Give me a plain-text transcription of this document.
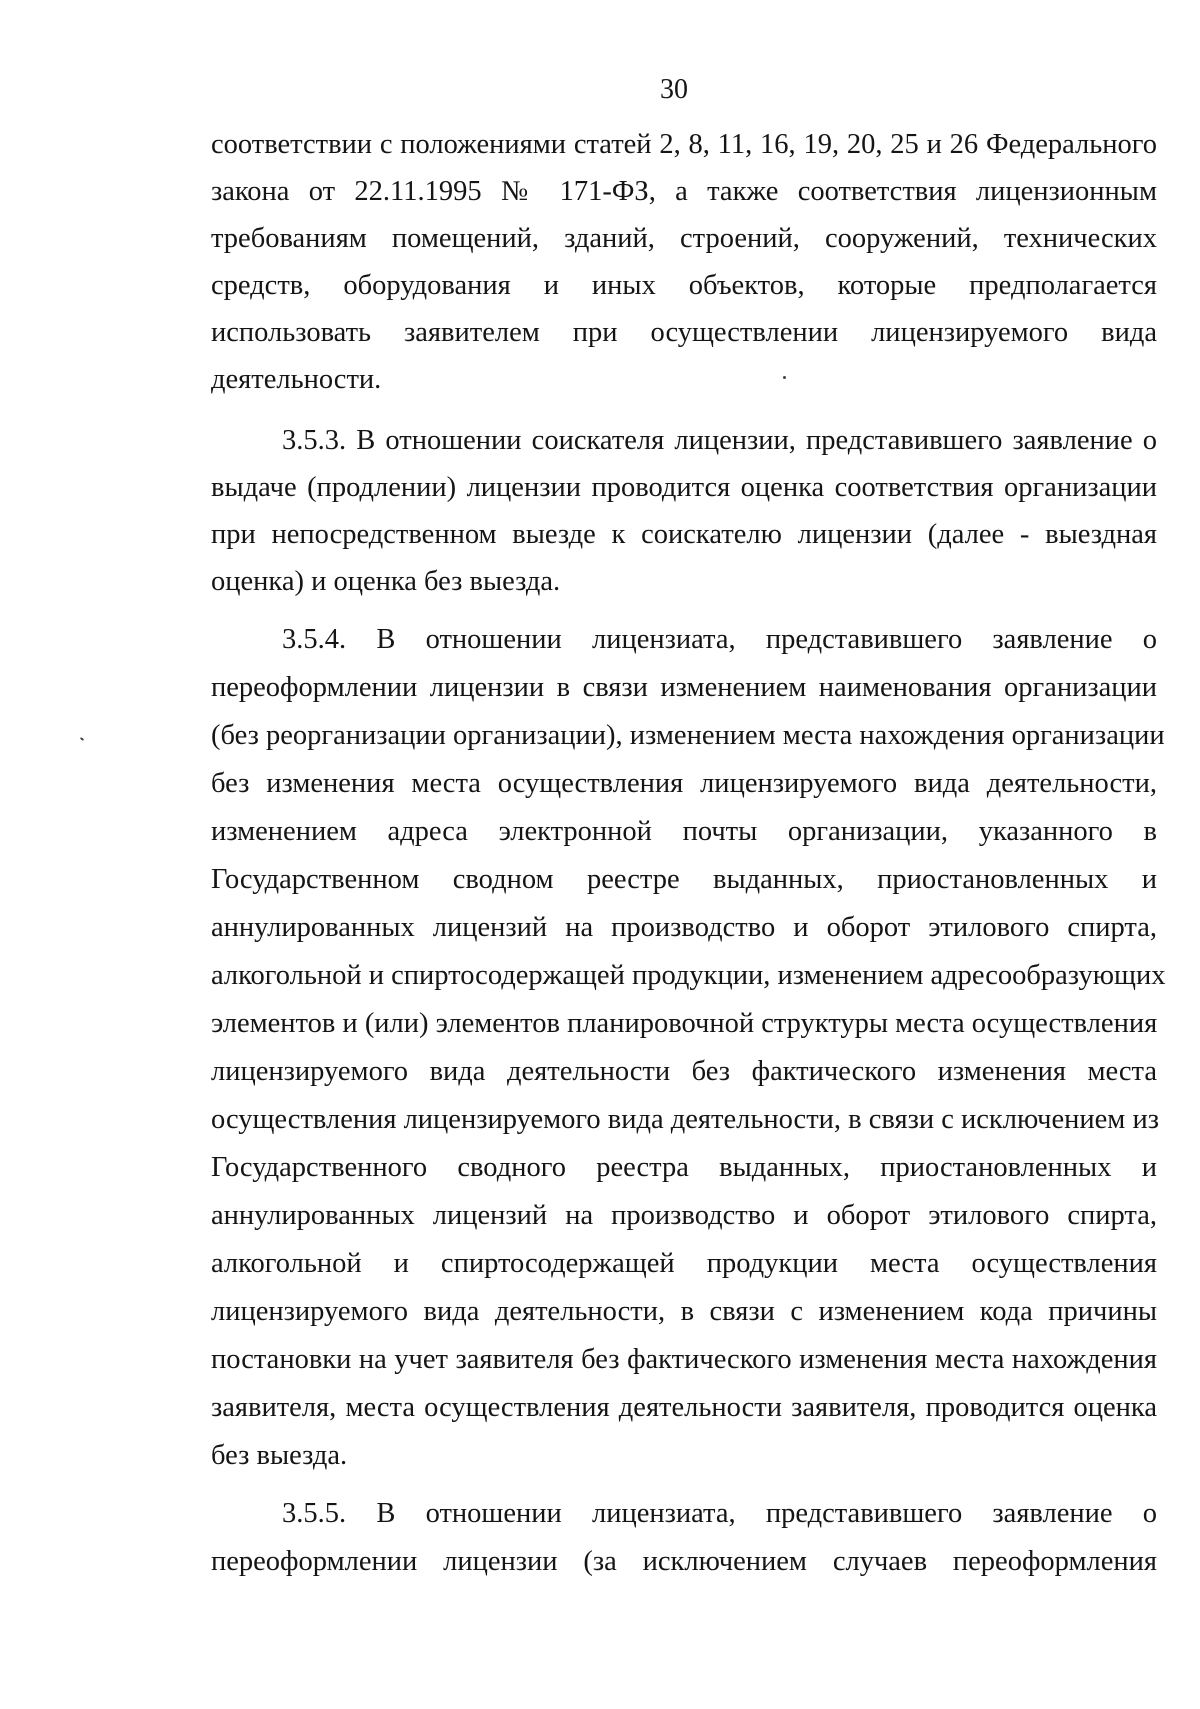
30
соответствии с положениями статей 2, 8, 11, 16, 19, 20, 25 и 26 Федерального
закона от 22.11.1995 № 171-ФЗ, а также соответствия лицензионным
требованиям помещений, зданий, строений, сооружений, технических
средств, оборудования и иных объектов, которые предполагается
использовать заявителем при осуществлении лицензируемого вида
деятельности.
3.5.3. В отношении соискателя лицензии, представившего заявление о
выдаче (продлении) лицензии проводится оценка соответствия организации
при непосредственном выезде к соискателю лицензии (далее - выездная
оценка) и оценка без выезда.
3.5.4. В отношении лицензиата, представившего заявление о
переоформлении лицензии в связи изменением наименования организации
(без реорганизации организации), изменением места нахождения организации
без изменения места осуществления лицензируемого вида деятельности,
изменением адреса электронной почты организации, указанного в
Государственном сводном реестре выданных, приостановленных и
аннулированных лицензий на производство и оборот этилового спирта,
алкогольной и спиртосодержащей продукции, изменением адресообразующих
элементов и (или) элементов планировочной структуры места осуществления
лицензируемого вида деятельности без фактического изменения места
осуществления лицензируемого вида деятельности, в связи с исключением из
Государственного сводного реестра выданных, приостановленных и
аннулированных лицензий на производство и оборот этилового спирта,
алкогольной и спиртосодержащей продукции места осуществления
лицензируемого вида деятельности, в связи с изменением кода причины
постановки на учет заявителя без фактического изменения места нахождения
заявителя, места осуществления деятельности заявителя, проводится оценка
без выезда.
3.5.5. В отношении лицензиата, представившего заявление о
переоформлении лицензии (за исключением случаев переоформления
